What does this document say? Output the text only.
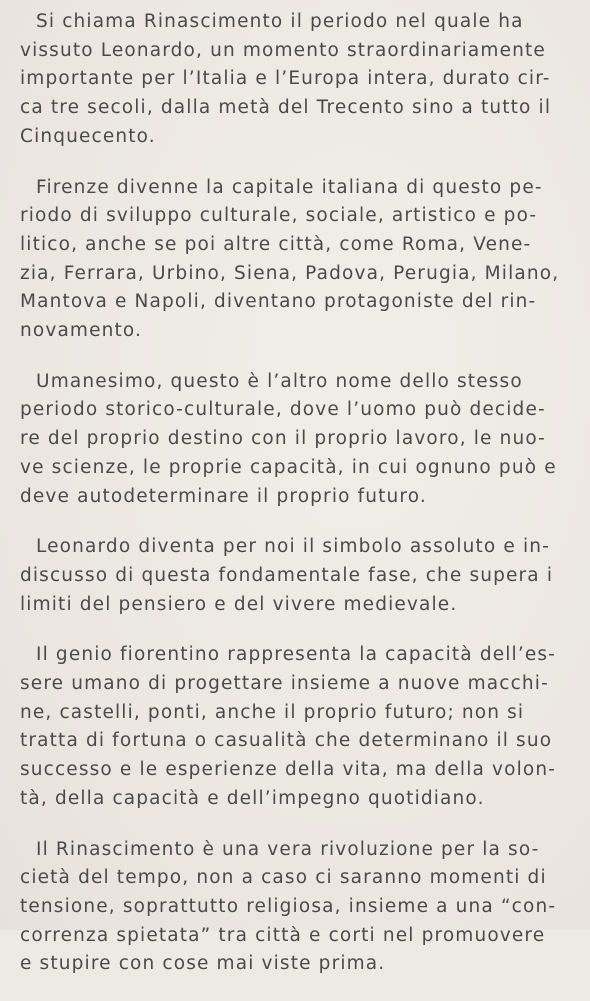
Si chiama Rinascimento il periodo nel quale ha
vissuto Leonardo, un momento straordinariamente
importante per l’Italia e l’Europa intera, durato cir-
ca tre secoli, dalla metà del Trecento sino a tutto il
Cinquecento.
Firenze divenne la capitale italiana di questo pe-
riodo di sviluppo culturale, sociale, artistico e po-
litico, anche se poi altre città, come Roma, Vene-
zia, Ferrara, Urbino, Siena, Padova, Perugia, Milano,
Mantova e Napoli, diventano protagoniste del rin-
novamento.
Umanesimo, questo è l’altro nome dello stesso
periodo storico-culturale, dove l’uomo può decide-
re del proprio destino con il proprio lavoro, le nuo-
ve scienze, le proprie capacità, in cui ognuno può e
deve autodeterminare il proprio futuro.
Leonardo diventa per noi il simbolo assoluto e in-
discusso di questa fondamentale fase, che supera i
limiti del pensiero e del vivere medievale.
Il genio fiorentino rappresenta la capacità dell’es-
sere umano di progettare insieme a nuove macchi-
ne, castelli, ponti, anche il proprio futuro; non si
tratta di fortuna o casualità che determinano il suo
successo e le esperienze della vita, ma della volon-
tà, della capacità e dell’impegno quotidiano.
Il Rinascimento è una vera rivoluzione per la so-
cietà del tempo, non a caso ci saranno momenti di
tensione, soprattutto religiosa, insieme a una “con-
correnza spietata” tra città e corti nel promuovere
e stupire con cose mai viste prima.
